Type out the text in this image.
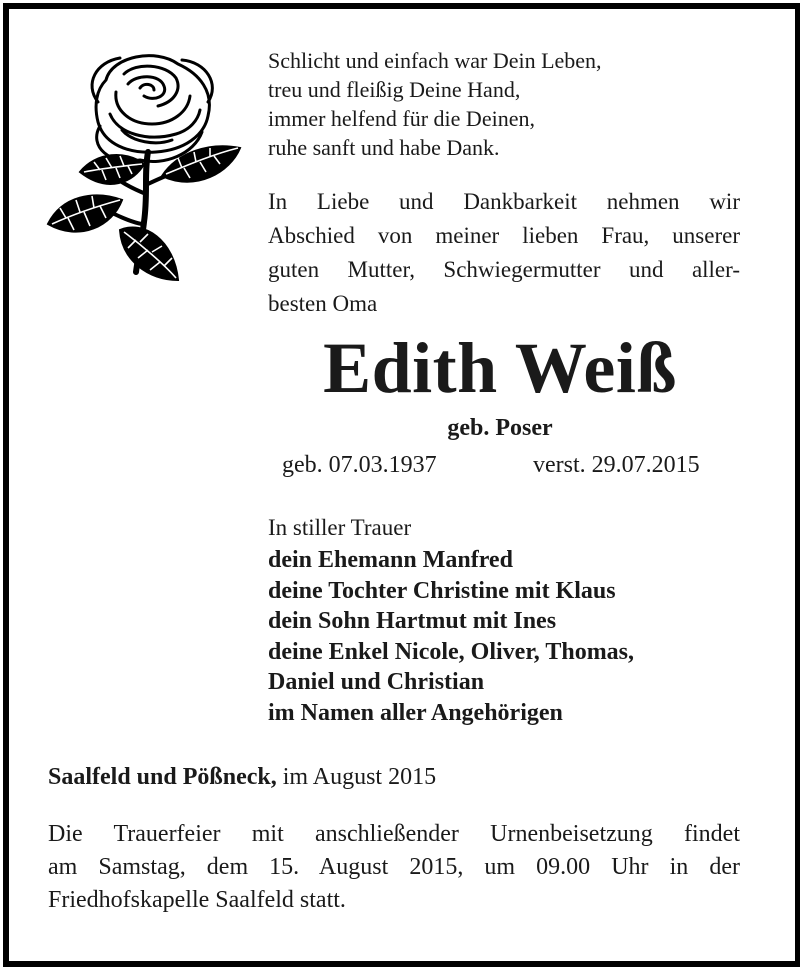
Schlicht und einfach war Dein Leben,
treu und fleißig Deine Hand,
immer helfend für die Deinen,
ruhe sanft und habe Dank.
In Liebe und Dankbarkeit nehmen wir
Abschied von meiner lieben Frau, unserer
guten Mutter, Schwiegermutter und aller-
besten Oma
Edith Weiß
geb. Poser
geb. 07.03.1937	verst. 29.07.2015
In stiller Trauer
dein Ehemann Manfred
deine Tochter Christine mit Klaus
dein Sohn Hartmut mit Ines
deine Enkel Nicole, Oliver, Thomas,
Daniel und Christian
im Namen aller Angehörigen
Saalfeld und Pößneck, im August 2015
Die Trauerfeier mit anschließender Urnenbeisetzung findet
am Samstag, dem 15. August 2015, um 09.00 Uhr in der
Friedhofskapelle Saalfeld statt.
